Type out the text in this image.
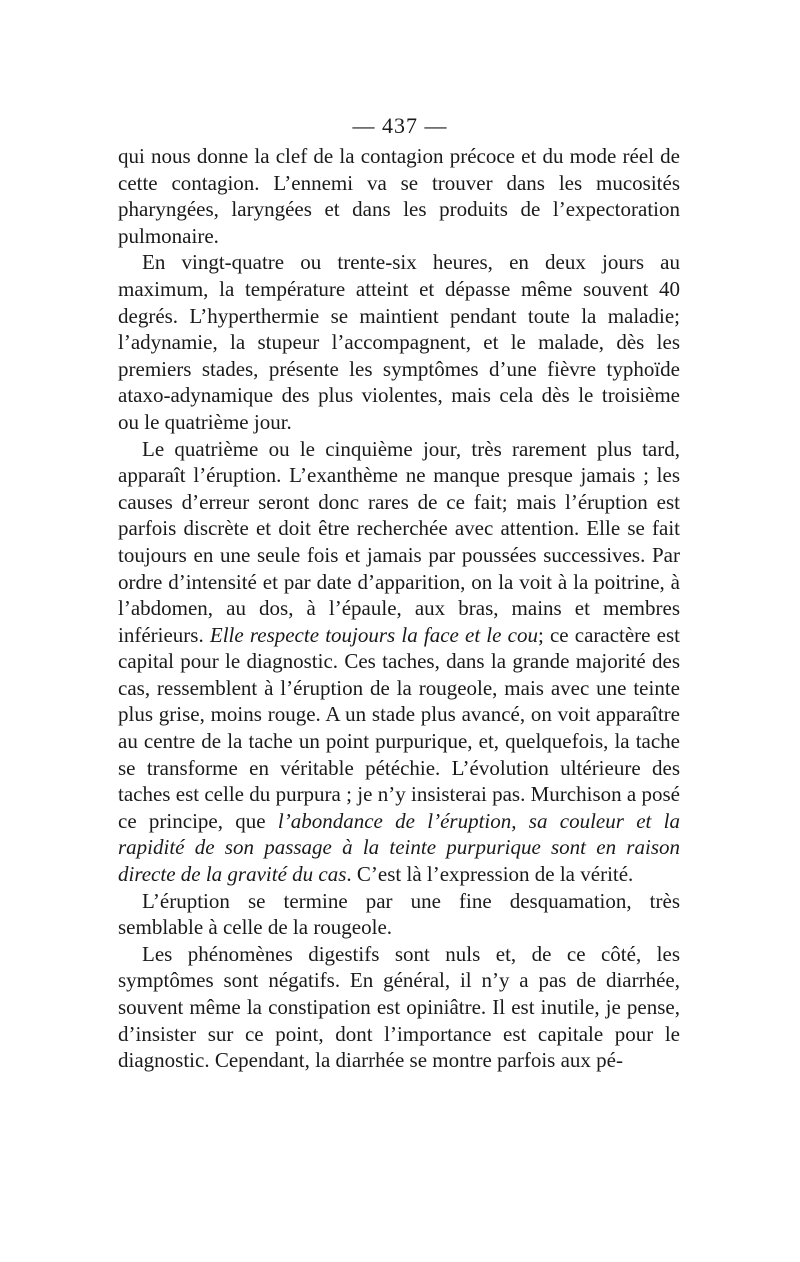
— 437 —

qui nous donne la clef de la contagion précoce et du mode réel de cette contagion. L’ennemi va se trouver dans les mucosités pharyngées, laryngées et dans les produits de l’expectoration pulmonaire.

En vingt-quatre ou trente-six heures, en deux jours au maximum, la température atteint et dépasse même souvent 40 degrés. L’hyperthermie se maintient pendant toute la maladie; l’adynamie, la stupeur l’accompagnent, et le malade, dès les premiers stades, présente les symptômes d’une fièvre typhoïde ataxo-adynamique des plus violentes, mais cela dès le troisième ou le quatrième jour.

Le quatrième ou le cinquième jour, très rarement plus tard, apparaît l’éruption. L’exanthème ne manque presque jamais ; les causes d’erreur seront donc rares de ce fait; mais l’éruption est parfois discrète et doit être recherchée avec attention. Elle se fait toujours en une seule fois et jamais par poussées successives. Par ordre d’intensité et par date d’apparition, on la voit à la poitrine, à l’abdomen, au dos, à l’épaule, aux bras, mains et membres inférieurs. Elle respecte toujours la face et le cou; ce caractère est capital pour le diagnostic. Ces taches, dans la grande majorité des cas, ressemblent à l’éruption de la rougeole, mais avec une teinte plus grise, moins rouge. A un stade plus avancé, on voit apparaître au centre de la tache un point purpurique, et, quelquefois, la tache se transforme en véritable pétéchie. L’évolution ultérieure des taches est celle du purpura ; je n’y insisterai pas. Murchison a posé ce principe, que l’abondance de l’éruption, sa couleur et la rapidité de son passage à la teinte purpurique sont en raison directe de la gravité du cas. C’est là l’expression de la vérité.

L’éruption se termine par une fine desquamation, très semblable à celle de la rougeole.

Les phénomènes digestifs sont nuls et, de ce côté, les symptômes sont négatifs. En général, il n’y a pas de diarrhée, souvent même la constipation est opiniâtre. Il est inutile, je pense, d’insister sur ce point, dont l’importance est capitale pour le diagnostic. Cependant, la diarrhée se montre parfois aux pé-
